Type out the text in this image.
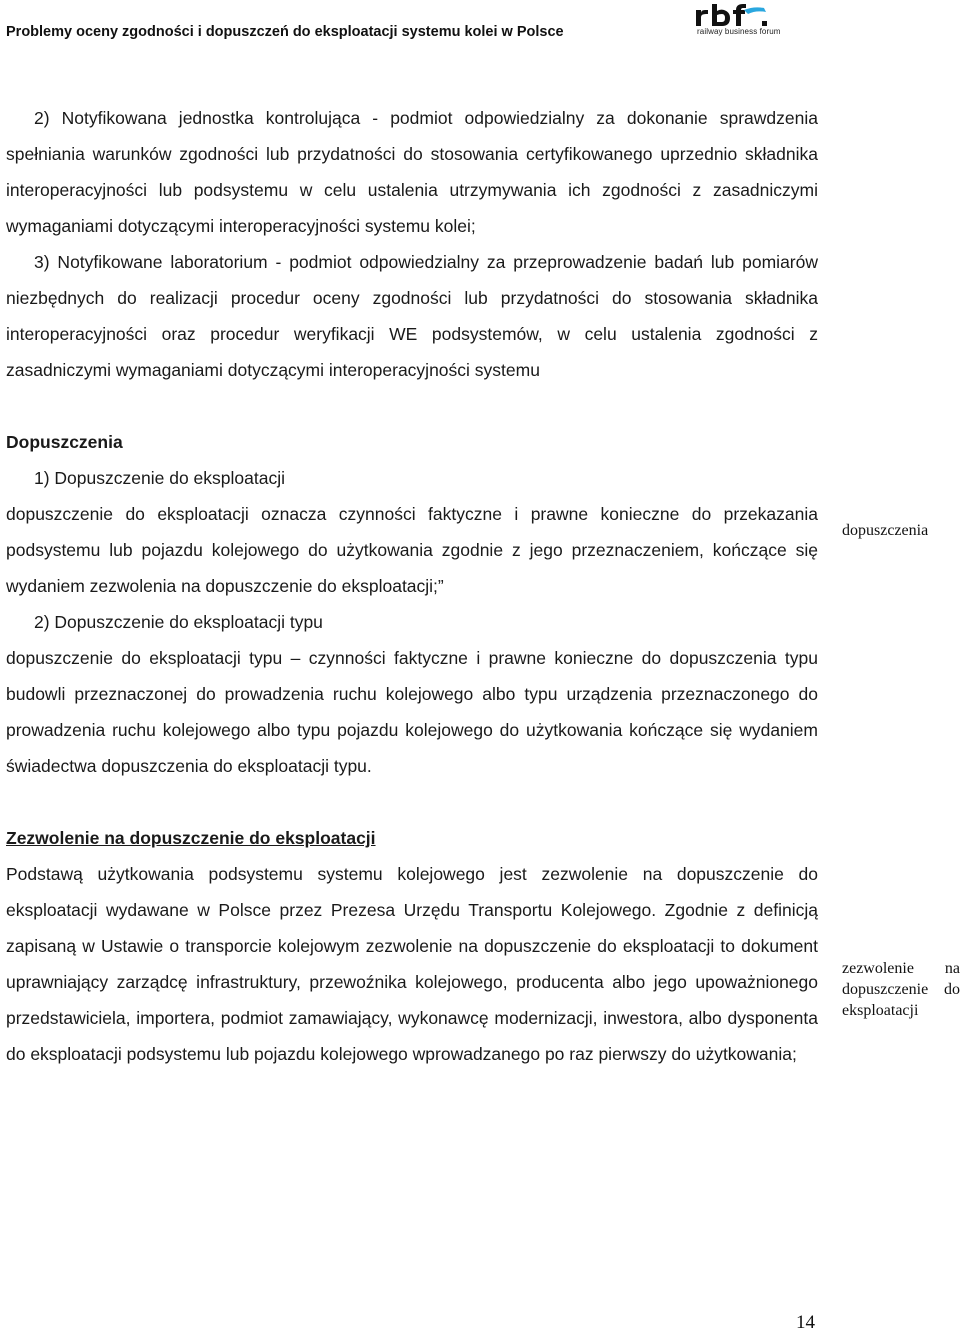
Problemy oceny zgodności i dopuszczeń do eksploatacji systemu kolei w Polsce	railway business forum

2) Notyfikowana jednostka kontrolująca - podmiot odpowiedzialny za dokonanie sprawdzenia spełniania warunków zgodności lub przydatności do stosowania certyfikowanego uprzednio składnika interoperacyjności lub podsystemu w celu ustalenia utrzymywania ich zgodności z zasadniczymi wymaganiami dotyczącymi interoperacyjności systemu kolei;

3) Notyfikowane laboratorium - podmiot odpowiedzialny za przeprowadzenie badań lub pomiarów niezbędnych do realizacji procedur oceny zgodności lub przydatności do stosowania składnika interoperacyjności oraz procedur weryfikacji WE podsystemów, w celu ustalenia zgodności z zasadniczymi wymaganiami dotyczącymi interoperacyjności systemu

Dopuszczenia

1) Dopuszczenie do eksploatacji

dopuszczenie do eksploatacji oznacza czynności faktyczne i prawne konieczne do przekazania podsystemu lub pojazdu kolejowego do użytkowania zgodnie z jego przeznaczeniem, kończące się wydaniem zezwolenia na dopuszczenie do eksploatacji;”

2) Dopuszczenie do eksploatacji typu

dopuszczenie do eksploatacji typu – czynności faktyczne i prawne konieczne do dopuszczenia typu budowli przeznaczonej do prowadzenia ruchu kolejowego albo typu urządzenia przeznaczonego do prowadzenia ruchu kolejowego albo typu pojazdu kolejowego do użytkowania kończące się wydaniem świadectwa dopuszczenia do eksploatacji typu.

Zezwolenie na dopuszczenie do eksploatacji

Podstawą użytkowania podsystemu systemu kolejowego jest zezwolenie na dopuszczenie do eksploatacji wydawane w Polsce przez Prezesa Urzędu Transportu Kolejowego. Zgodnie z definicją zapisaną w Ustawie o transporcie kolejowym zezwolenie na dopuszczenie do eksploatacji to dokument uprawniający zarządcę infrastruktury, przewoźnika kolejowego, producenta albo jego upoważnionego przedstawiciela, importera, podmiot zamawiający, wykonawcę modernizacji, inwestora, albo dysponenta do eksploatacji podsystemu lub pojazdu kolejowego wprowadzanego po raz pierwszy do użytkowania;

dopuszczenia
zezwolenie na dopuszczenie do eksploatacji
14
